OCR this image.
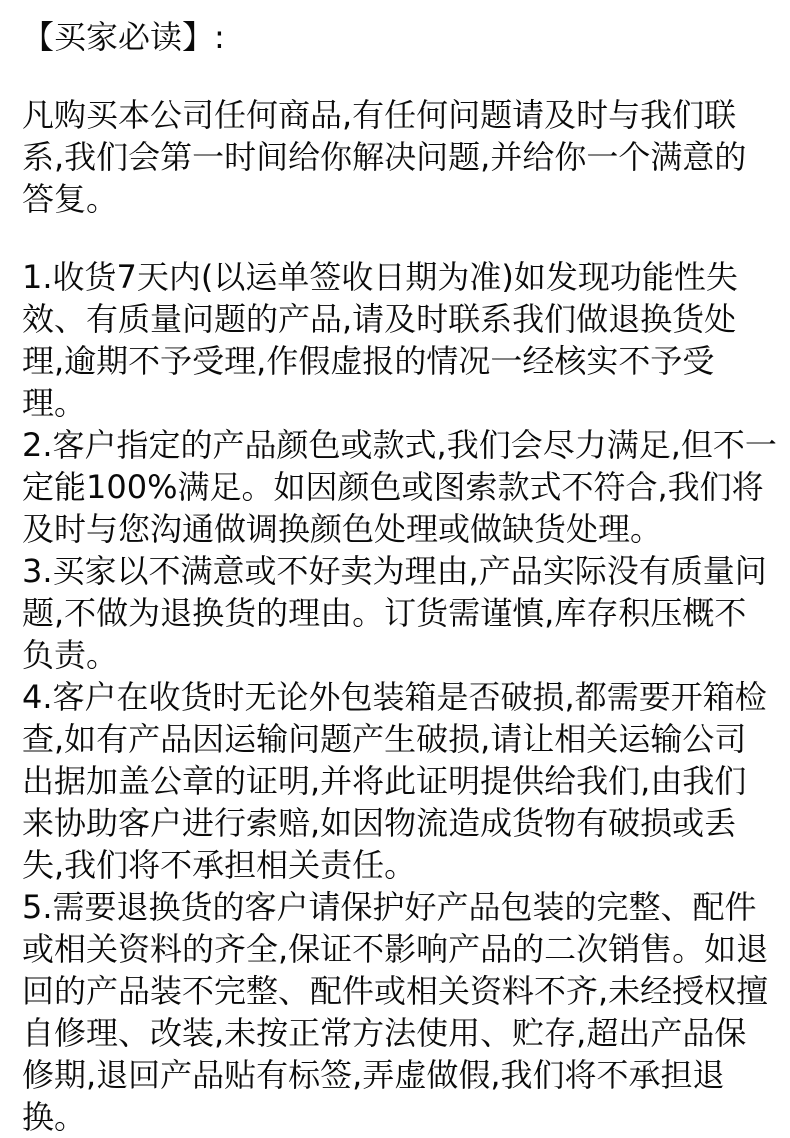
【买家必读】:
凡购买本公司任何商品,有任何问题请及时与我们联
系,我们会第一时间给你解决问题,并给你一个满意的
答复。
1.收货7天内(以运单签收日期为准)如发现功能性失
效、有质量问题的产品,请及时联系我们做退换货处
理,逾期不予受理,作假虚报的情况一经核实不予受
理。
2.客户指定的产品颜色或款式,我们会尽力满足,但不一
定能100%满足。如因颜色或图索款式不符合,我们将
及时与您沟通做调换颜色处理或做缺货处理。
3.买家以不满意或不好卖为理由,产品实际没有质量问
题,不做为退换货的理由。订货需谨慎,库存积压概不
负责。
4.客户在收货时无论外包装箱是否破损,都需要开箱检
查,如有产品因运输问题产生破损,请让相关运输公司
出据加盖公章的证明,并将此证明提供给我们,由我们
来协助客户进行索赔,如因物流造成货物有破损或丢
失,我们将不承担相关责任。
5.需要退换货的客户请保护好产品包装的完整、配件
或相关资料的齐全,保证不影响产品的二次销售。如退
回的产品装不完整、配件或相关资料不齐,未经授权擅
自修理、改装,未按正常方法使用、贮存,超出产品保
修期,退回产品贴有标签,弄虚做假,我们将不承担退
换。
